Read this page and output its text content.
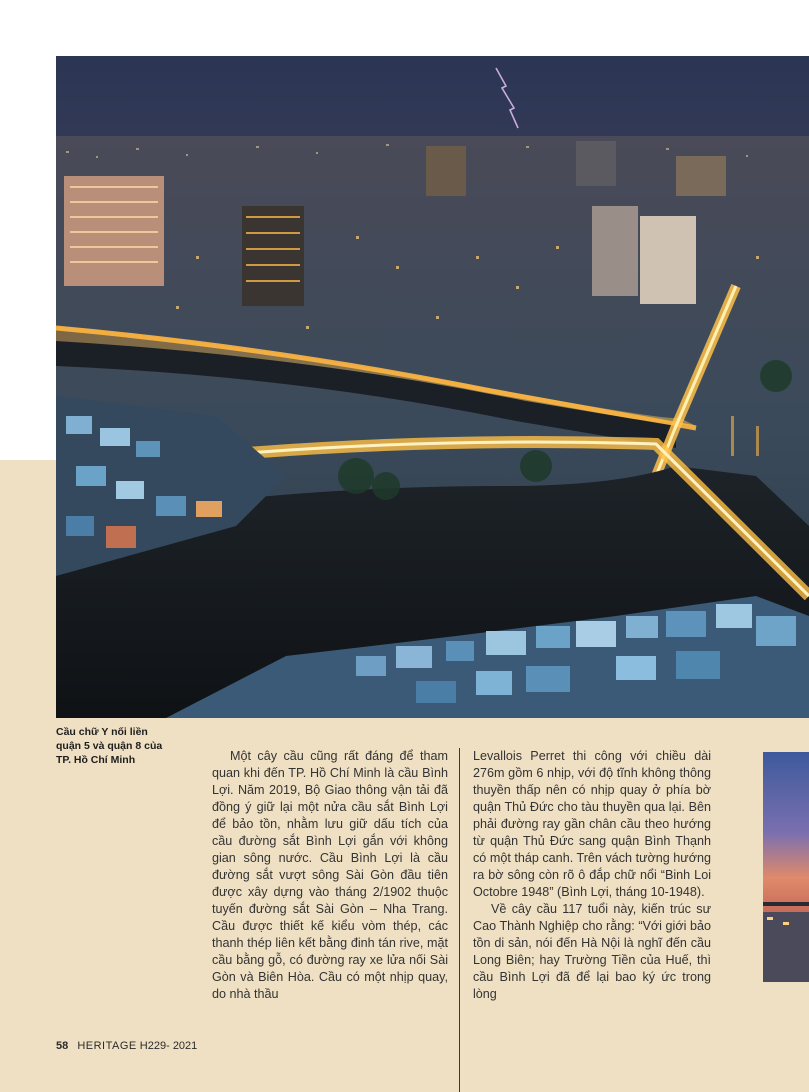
Cầu chữ Y nối liền
quận 5 và quận 8 của
TP. Hồ Chí Minh	Một cây cầu cũng rất đáng để tham quan khi đến TP. Hồ Chí Minh là cầu Bình Lợi. Năm 2019, Bộ Giao thông vận tải đã đồng ý giữ lại một nửa cầu sắt Bình Lợi để bảo tồn, nhằm lưu giữ dấu tích của cầu đường sắt Bình Lợi gắn với không gian sông nước. Cầu Bình Lợi là cầu đường sắt vượt sông Sài Gòn đầu tiên được xây dựng vào tháng 2/1902 thuộc tuyến đường sắt Sài Gòn – Nha Trang. Cầu được thiết kế kiểu vòm thép, các thanh thép liên kết bằng đinh tán rive, mặt cầu bằng gỗ, có đường ray xe lửa nối Sài Gòn và Biên Hòa. Cầu có một nhịp quay, do nhà thầu

Levallois Perret thi công với chiều dài 276m gồm 6 nhịp, với độ tĩnh không thông thuyền thấp nên có nhịp quay ở phía bờ quận Thủ Đức cho tàu thuyền qua lại. Bên phải đường ray gần chân cầu theo hướng từ quận Thủ Đức sang quận Bình Thạnh có một tháp canh. Trên vách tường hướng ra bờ sông còn rõ ô đắp chữ nổi “Binh Loi Octobre 1948” (Bình Lợi, tháng 10-1948).

Về cây cầu 117 tuổi này, kiến trúc sư Cao Thành Nghiệp cho rằng: “Với giới bảo tồn di sản, nói đến Hà Nội là nghĩ đến cầu Long Biên; hay Trường Tiền của Huế, thì cầu Bình Lợi đã để lại bao ký ức trong lòng

58 HERITAGE H229- 2021
